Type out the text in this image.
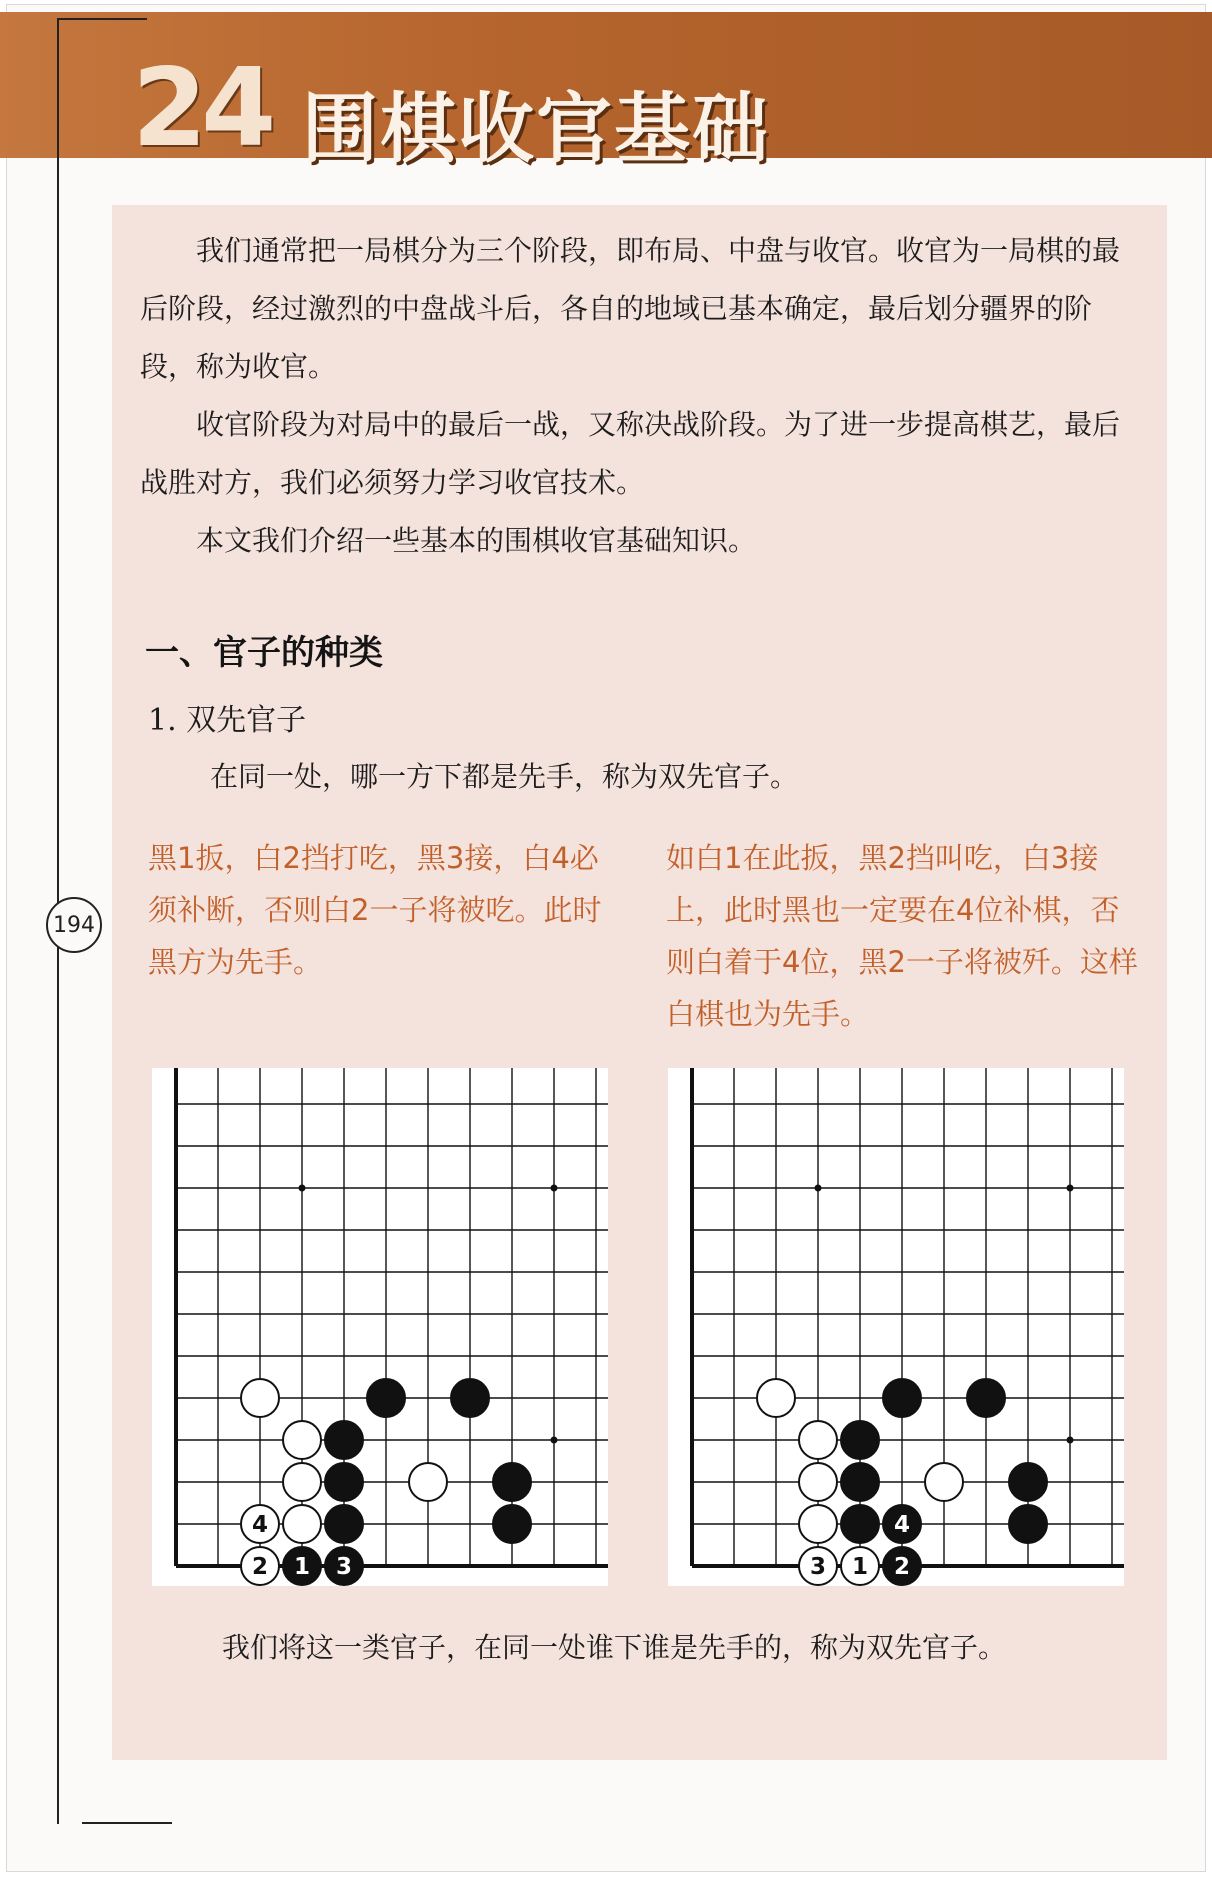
24 围棋收官基础
194

我们通常把一局棋分为三个阶段，即布局、中盘与收官。收官为一局棋的最后阶段，经过激烈的中盘战斗后，各自的地域已基本确定，最后划分疆界的阶段，称为收官。

收官阶段为对局中的最后一战，又称决战阶段。为了进一步提高棋艺，最后战胜对方，我们必须努力学习收官技术。

本文我们介绍一些基本的围棋收官基础知识。

一、官子的种类
1. 双先官子
在同一处，哪一方下都是先手，称为双先官子。

黑1扳，白2挡打吃，黑3接，白4必须补断，否则白2一子将被吃。此时黑方为先手。

如白1在此扳，黑2挡叫吃，白3接上，此时黑也一定要在4位补棋，否则白着于4位，黑2一子将被歼。这样白棋也为先手。

4
2 1 3
4
3 1 2
我们将这一类官子，在同一处谁下谁是先手的，称为双先官子。
